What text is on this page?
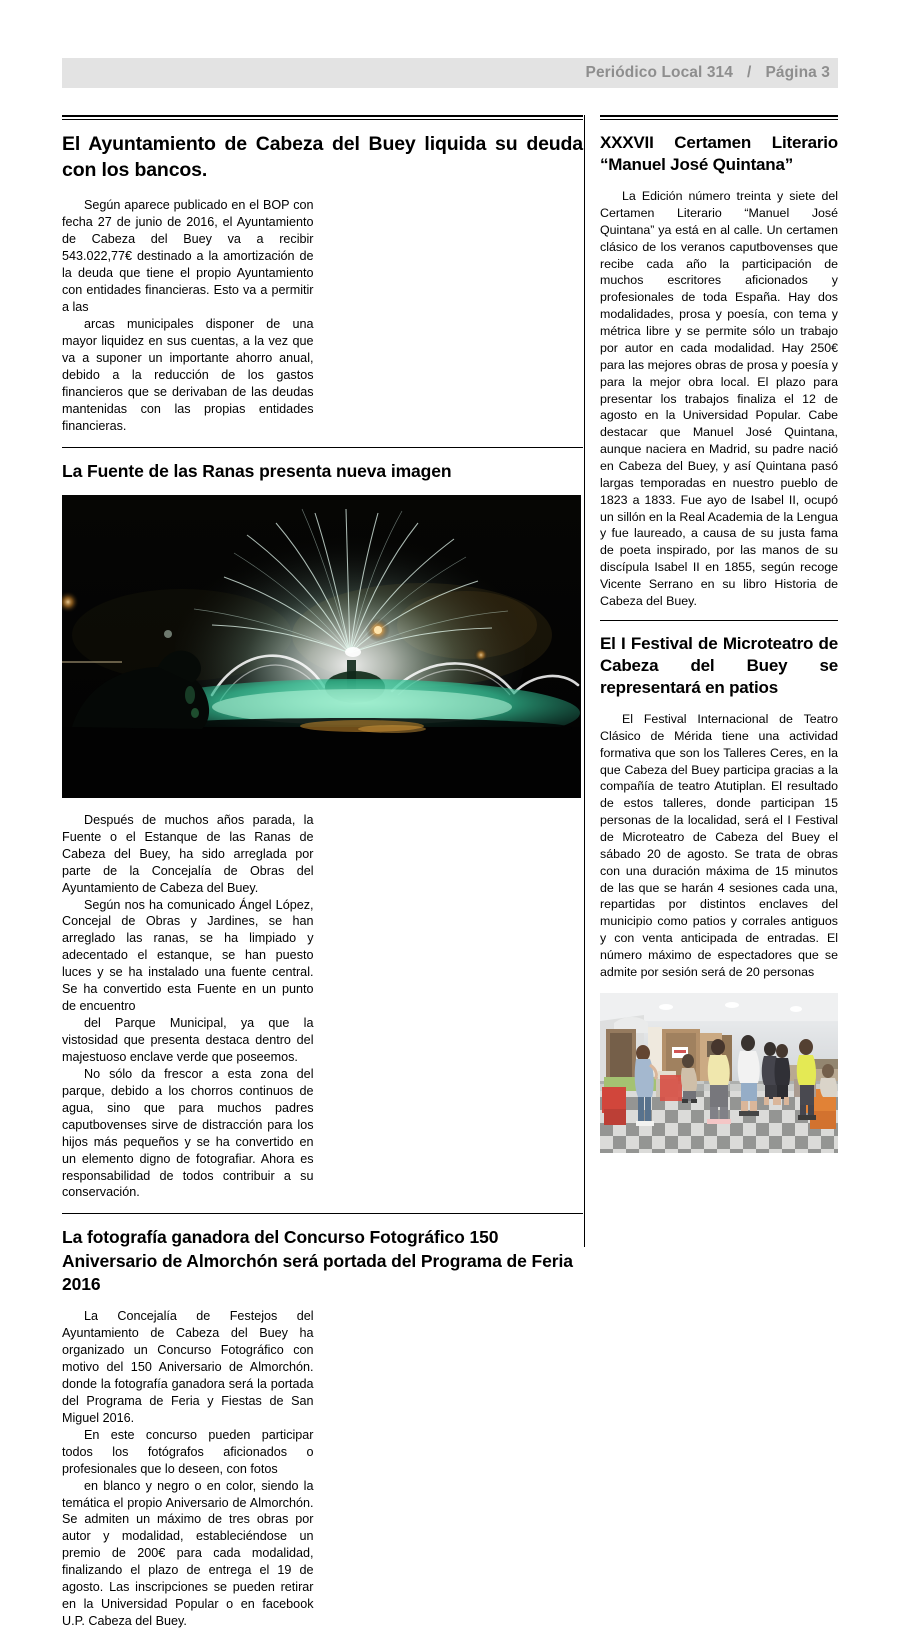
Periódico Local 314 / Página 3
El Ayuntamiento de Cabeza del Buey liquida su deuda con los bancos.

Según aparece publicado en el BOP con fecha 27 de junio de 2016, el Ayuntamiento de Cabeza del Buey va a recibir 543.022,77€ destinado a la amortización de la deuda que tiene el propio Ayuntamiento con entidades financieras. Esto va a permitir a las

arcas municipales disponer de una mayor liquidez en sus cuentas, a la vez que va a suponer un importante ahorro anual, debido a la reducción de los gastos financieros que se derivaban de las deudas mantenidas con las propias entidades financieras.

La Fuente de las Ranas presenta nueva imagen

Después de muchos años parada, la Fuente o el Estanque de las Ranas de Cabeza del Buey, ha sido arreglada por parte de la Concejalía de Obras del Ayuntamiento de Cabeza del Buey.

Según nos ha comunicado Ángel López, Concejal de Obras y Jardines, se han arreglado las ranas, se ha limpiado y adecentado el estanque, se han puesto luces y se ha instalado una fuente central. Se ha convertido esta Fuente en un punto de encuentro

del Parque Municipal, ya que la vistosidad que presenta destaca dentro del majestuoso enclave verde que poseemos.

No sólo da frescor a esta zona del parque, debido a los chorros continuos de agua, sino que para muchos padres caputbovenses sirve de distracción para los hijos más pequeños y se ha convertido en un elemento digno de fotografiar. Ahora es responsabilidad de todos contribuir a su conservación.

La fotografía ganadora del Concurso Fotográfico 150 Aniversario de Almorchón será portada del Programa de Feria 2016

La Concejalía de Festejos del Ayuntamiento de Cabeza del Buey ha organizado un Concurso Fotográfico con motivo del 150 Aniversario de Almorchón. donde la fotografía ganadora será la portada del Programa de Feria y Fiestas de San Miguel 2016.

En este concurso pueden participar todos los fotógrafos aficionados o profesionales que lo deseen, con fotos

en blanco y negro o en color, siendo la temática el propio Aniversario de Almorchón. Se admiten un máximo de tres obras por autor y modalidad, estableciéndose un premio de 200€ para cada modalidad, finalizando el plazo de entrega el 19 de agosto. Las inscripciones se pueden retirar en la Universidad Popular o en facebook U.P. Cabeza del Buey.

XXXVII Certamen Literario “Manuel José Quintana”

La Edición número treinta y siete del Certamen Literario “Manuel José Quintana” ya está en al calle. Un certamen clásico de los veranos caputbovenses que recibe cada año la participación de muchos escritores aficionados y profesionales de toda España. Hay dos modalidades, prosa y poesía, con tema y métrica libre y se permite sólo un trabajo por autor en cada modalidad. Hay 250€ para las mejores obras de prosa y poesía y para la mejor obra local. El plazo para presentar los trabajos finaliza el 12 de agosto en la Universidad Popular. Cabe destacar que Manuel José Quintana, aunque naciera en Madrid, su padre nació en Cabeza del Buey, y así Quintana pasó largas temporadas en nuestro pueblo de 1823 a 1833. Fue ayo de Isabel II, ocupó un sillón en la Real Academia de la Lengua y fue laureado, a causa de su justa fama de poeta inspirado, por las manos de su discípula Isabel II en 1855, según recoge Vicente Serrano en su libro Historia de Cabeza del Buey.

El I Festival de Microteatro de Cabeza del Buey se representará en patios

El Festival Internacional de Teatro Clásico de Mérida tiene una actividad formativa que son los Talleres Ceres, en la que Cabeza del Buey participa gracias a la compañía de teatro Atutiplan. El resultado de estos talleres, donde participan 15 personas de la localidad, será el I Festival de Microteatro de Cabeza del Buey el sábado 20 de agosto. Se trata de obras con una duración máxima de 15 minutos de las que se harán 4 sesiones cada una, repartidas por distintos enclaves del municipio como patios y corrales antiguos y con venta anticipada de entradas. El número máximo de espectadores que se admite por sesión será de 20 personas
